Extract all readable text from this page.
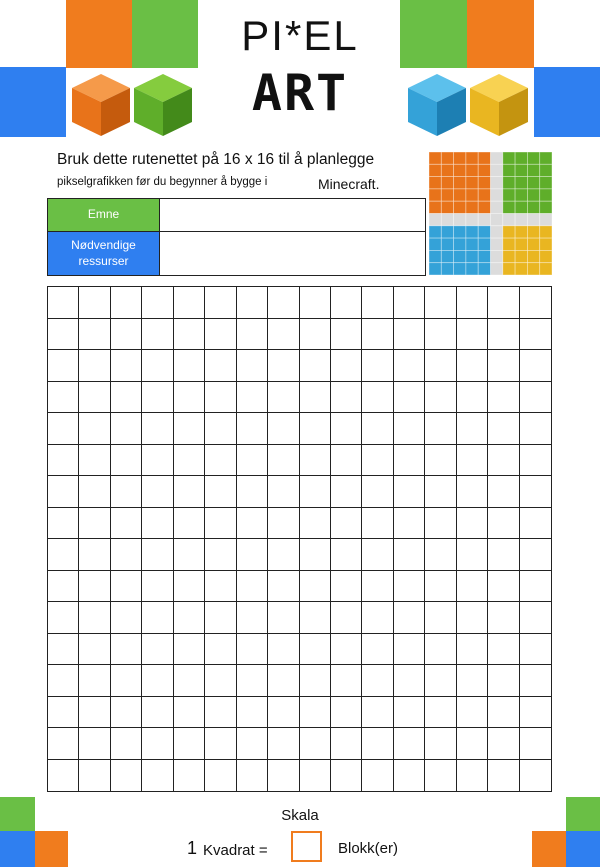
PI*EL
ART
Bruk dette rutenettet på 16 x 16 til å planlegge
pikselgrafikken før du begynner å bygge i	Minecraft.
Emne
Nødvendige ressurser
Skala
1 Kvadrat =	Blokk(er)
